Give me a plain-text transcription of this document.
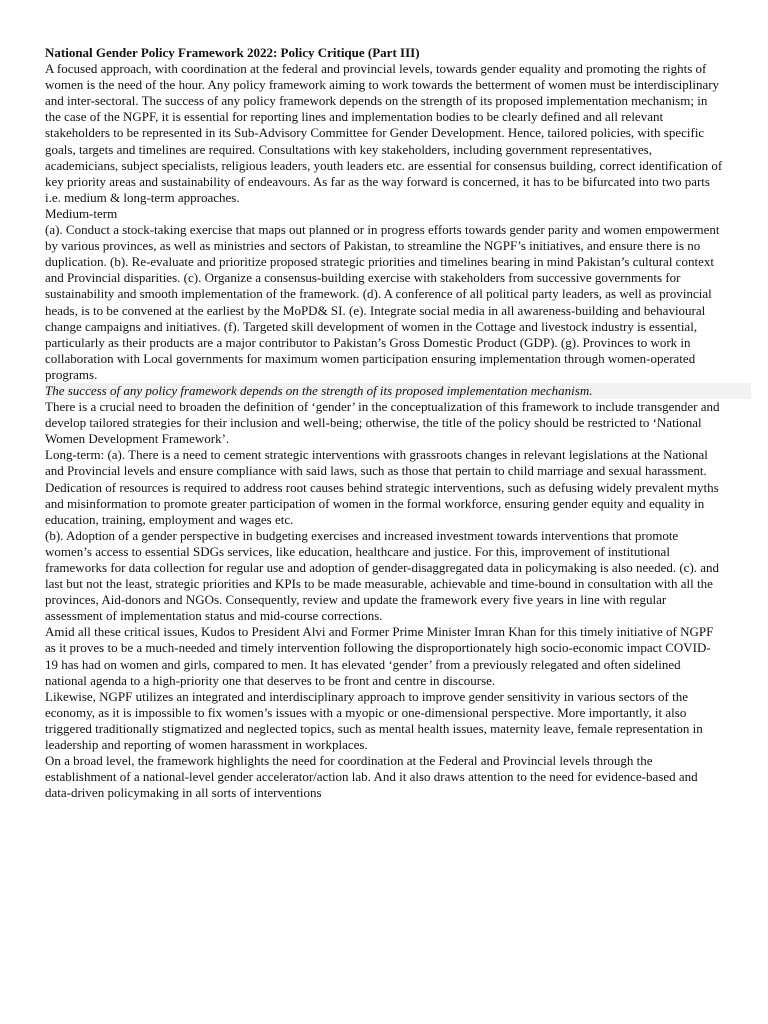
National Gender Policy Framework 2022: Policy Critique (Part III)

A focused approach, with coordination at the federal and provincial levels, towards gender equality and promoting the rights of women is the need of the hour. Any policy framework aiming to work towards the betterment of women must be interdisciplinary and inter-sectoral. The success of any policy framework depends on the strength of its proposed implementation mechanism; in the case of the NGPF, it is essential for reporting lines and implementation bodies to be clearly defined and all relevant stakeholders to be represented in its Sub-Advisory Committee for Gender Development. Hence, tailored policies, with specific goals, targets and timelines are required. Consultations with key stakeholders, including government representatives, academicians, subject specialists, religious leaders, youth leaders etc. are essential for consensus building, correct identification of key priority areas and sustainability of endeavours. As far as the way forward is concerned, it has to be bifurcated into two parts i.e. medium & long-term approaches.

Medium-term

(a). Conduct a stock-taking exercise that maps out planned or in progress efforts towards gender parity and women empowerment by various provinces, as well as ministries and sectors of Pakistan, to streamline the NGPF’s initiatives, and ensure there is no duplication. (b). Re-evaluate and prioritize proposed strategic priorities and timelines bearing in mind Pakistan’s cultural context and Provincial disparities. (c). Organize a consensus-building exercise with stakeholders from successive governments for sustainability and smooth implementation of the framework. (d). A conference of all political party leaders, as well as provincial heads, is to be convened at the earliest by the MoPD& SI. (e). Integrate social media in all awareness-building and behavioural change campaigns and initiatives. (f). Targeted skill development of women in the Cottage and livestock industry is essential, particularly as their products are a major contributor to Pakistan’s Gross Domestic Product (GDP). (g). Provinces to work in collaboration with Local governments for maximum women participation ensuring implementation through women-operated programs.

The success of any policy framework depends on the strength of its proposed implementation mechanism.

There is a crucial need to broaden the definition of ‘gender’ in the conceptualization of this framework to include transgender and develop tailored strategies for their inclusion and well-being; otherwise, the title of the policy should be restricted to ‘National Women Development Framework’.

Long-term: (a). There is a need to cement strategic interventions with grassroots changes in relevant legislations at the National and Provincial levels and ensure compliance with said laws, such as those that pertain to child marriage and sexual harassment. Dedication of resources is required to address root causes behind strategic interventions, such as defusing widely prevalent myths and misinformation to promote greater participation of women in the formal workforce, ensuring gender equity and equality in education, training, employment and wages etc.

(b). Adoption of a gender perspective in budgeting exercises and increased investment towards interventions that promote women’s access to essential SDGs services, like education, healthcare and justice. For this, improvement of institutional frameworks for data collection for regular use and adoption of gender-disaggregated data in policymaking is also needed. (c). and last but not the least, strategic priorities and KPIs to be made measurable, achievable and time-bound in consultation with all the provinces, Aid-donors and NGOs. Consequently, review and update the framework every five years in line with regular assessment of implementation status and mid-course corrections.

Amid all these critical issues, Kudos to President Alvi and Former Prime Minister Imran Khan for this timely initiative of NGPF as it proves to be a much-needed and timely intervention following the disproportionately high socio-economic impact COVID-19 has had on women and girls, compared to men. It has elevated ‘gender’ from a previously relegated and often sidelined national agenda to a high-priority one that deserves to be front and centre in discourse.

Likewise, NGPF utilizes an integrated and interdisciplinary approach to improve gender sensitivity in various sectors of the economy, as it is impossible to fix women’s issues with a myopic or one-dimensional perspective. More importantly, it also triggered traditionally stigmatized and neglected topics, such as mental health issues, maternity leave, female representation in leadership and reporting of women harassment in workplaces.

On a broad level, the framework highlights the need for coordination at the Federal and Provincial levels through the establishment of a national-level gender accelerator/action lab. And it also draws attention to the need for evidence-based and data-driven policymaking in all sorts of interventions
